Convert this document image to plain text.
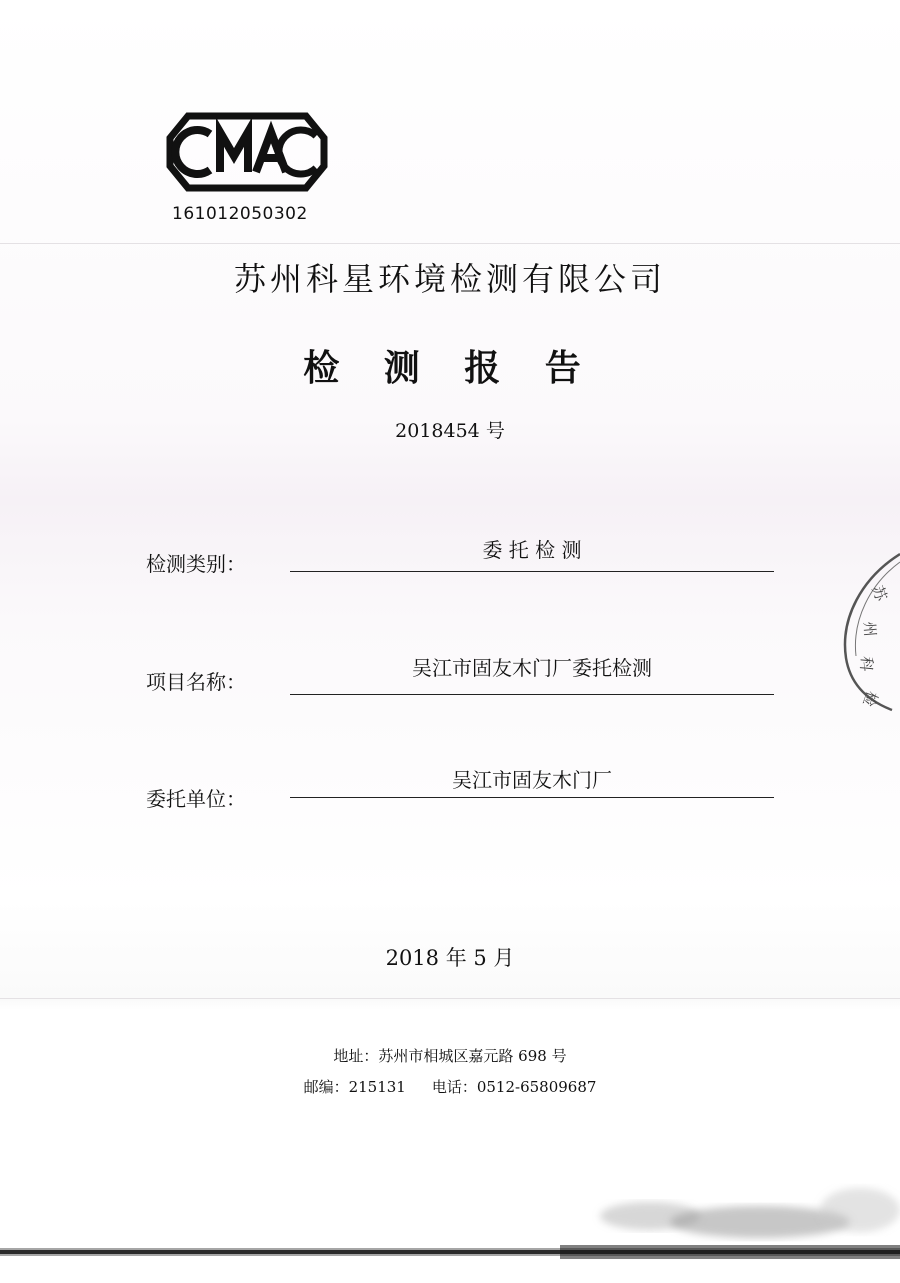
161012050302
苏州科星环境检测有限公司
检 测 报 告
2018454 号
检测类别：
委 托 检 测
项目名称：
吴江市固友木门厂委托检测
委托单位：
吴江市固友木门厂
2018 年 5 月
地址：苏州市相城区嘉元路 698 号
邮编：215131 电话：0512-65809687
苏
州
科
检
